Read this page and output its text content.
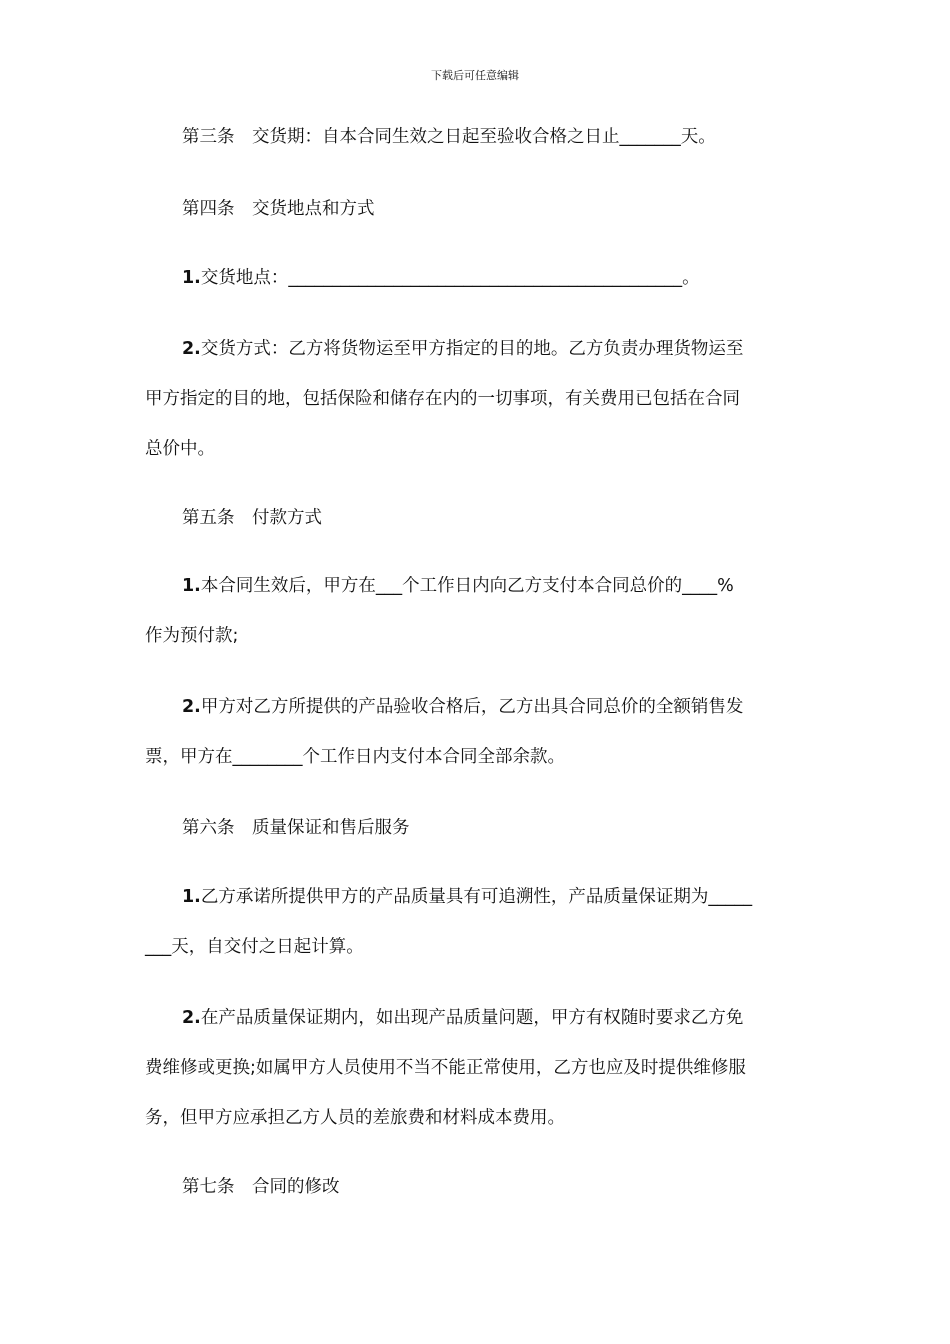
下载后可任意编辑

第三条　交货期：自本合同生效之日起至验收合格之日止_______天。

第四条　交货地点和方式

1.交货地点：_____________________________________________。

2.交货方式：乙方将货物运至甲方指定的目的地。乙方负责办理货物运至
甲方指定的目的地，包括保险和储存在内的一切事项，有关费用已包括在合同
总价中。

第五条　付款方式

1.本合同生效后，甲方在___个工作日内向乙方支付本合同总价的____%
作为预付款;

2.甲方对乙方所提供的产品验收合格后，乙方出具合同总价的全额销售发
票，甲方在________个工作日内支付本合同全部余款。

第六条　质量保证和售后服务

1.乙方承诺所提供甲方的产品质量具有可追溯性，产品质量保证期为_____
___天，自交付之日起计算。

2.在产品质量保证期内，如出现产品质量问题，甲方有权随时要求乙方免
费维修或更换;如属甲方人员使用不当不能正常使用，乙方也应及时提供维修服
务，但甲方应承担乙方人员的差旅费和材料成本费用。

第七条　合同的修改
